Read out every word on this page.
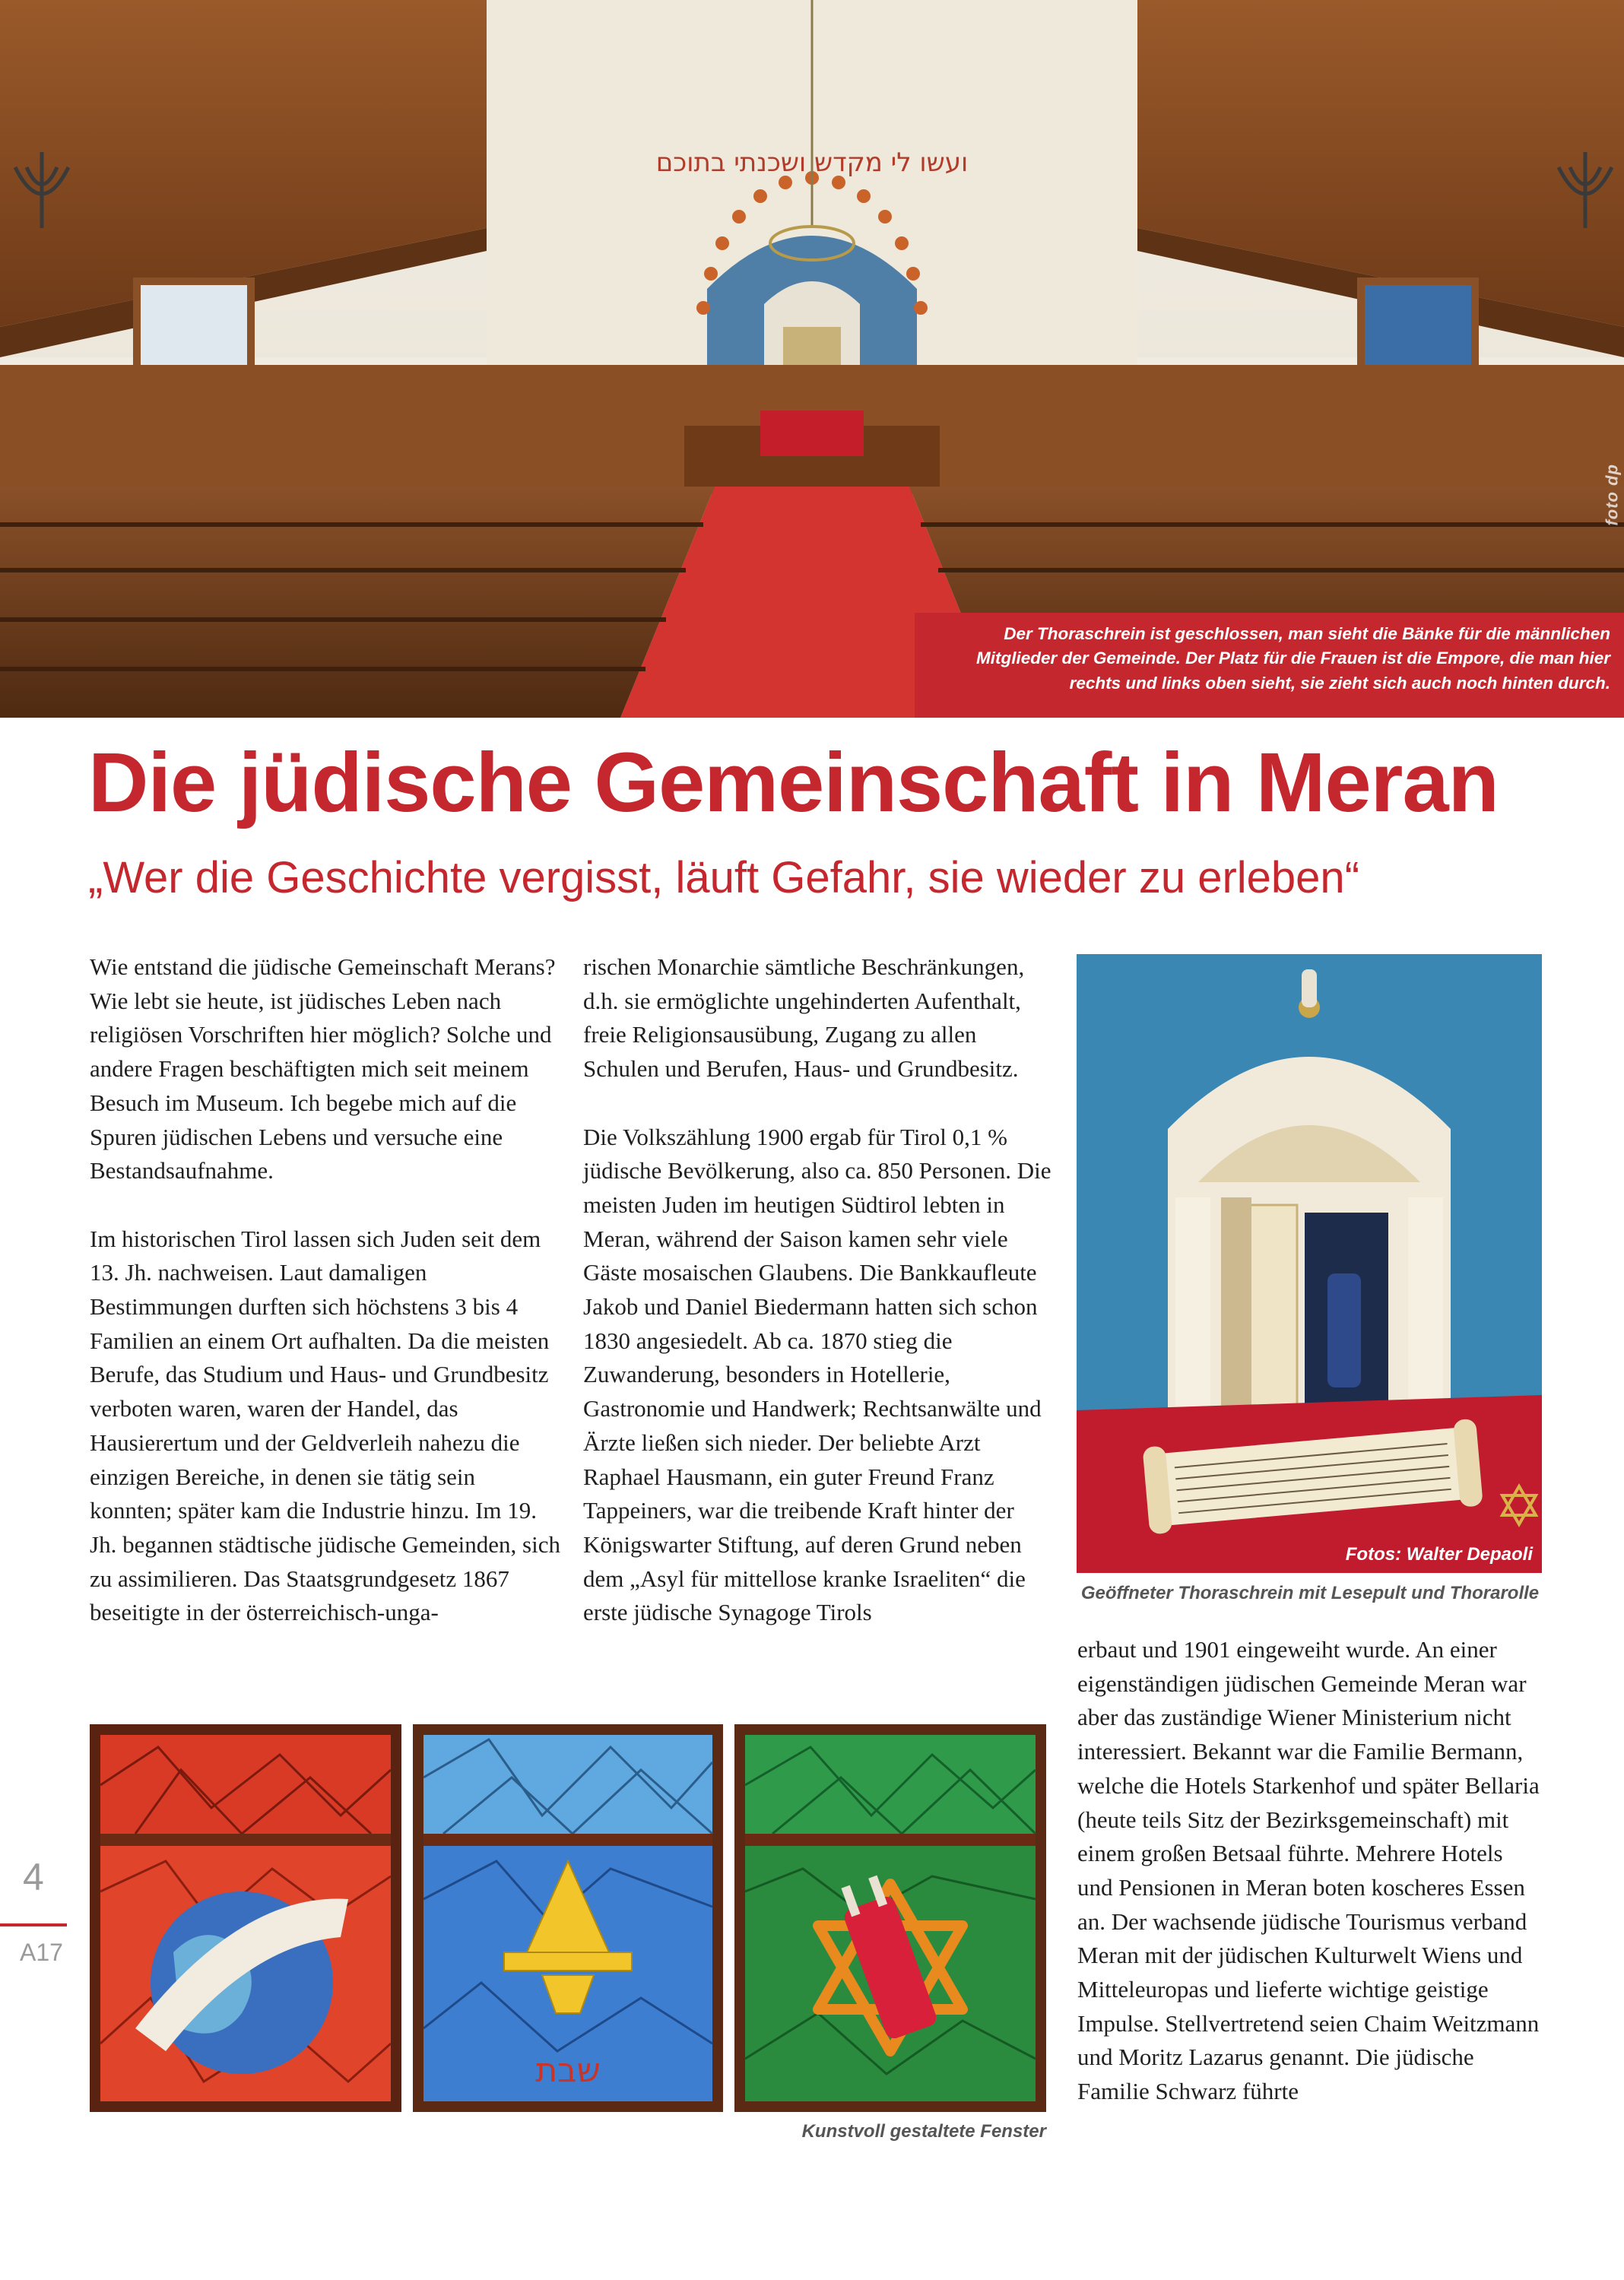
ועשו לי מקדש ושכנתי בתוכם
foto dp
Der Thoraschrein ist geschlossen, man sieht die Bänke für die männlichen Mitglieder der Gemeinde. Der Platz für die Frauen ist die Empore, die man hier rechts und links oben sieht, sie zieht sich auch noch hinten durch.
Die jüdische Gemeinschaft in Meran
„Wer die Geschichte vergisst, läuft Gefahr, sie wieder zu erleben“

Wie entstand die jüdische Gemeinschaft Merans? Wie lebt sie heute, ist jüdisches Leben nach religiösen Vorschriften hier möglich? Solche und andere Fragen beschäftigten mich seit meinem Besuch im Museum. Ich begebe mich auf die Spuren jüdischen Lebens und versuche eine Bestandsaufnahme.

Im historischen Tirol lassen sich Juden seit dem 13. Jh. nachweisen. Laut damaligen Bestimmungen durften sich höchstens 3 bis 4 Familien an einem Ort aufhalten. Da die meisten Berufe, das Studium und Haus- und Grundbesitz verboten waren, waren der Handel, das Hausierertum und der Geldverleih nahezu die einzigen Bereiche, in denen sie tätig sein konnten; später kam die Industrie hinzu. Im 19. Jh. begannen städtische jüdische Gemeinden, sich zu assimilieren. Das Staatsgrundgesetz 1867 beseitigte in der österreichisch-unga-

rischen Monarchie sämtliche Beschränkungen, d.h. sie ermöglichte ungehinderten Aufenthalt, freie Religionsausübung, Zugang zu allen Schulen und Berufen, Haus- und Grundbesitz.

Die Volkszählung 1900 ergab für Tirol 0,1 % jüdische Bevölkerung, also ca. 850 Personen. Die meisten Juden im heutigen Südtirol lebten in Meran, während der Saison kamen sehr viele Gäste mosaischen Glaubens. Die Bankkaufleute Jakob und Daniel Biedermann hatten sich schon 1830 angesiedelt. Ab ca. 1870 stieg die Zuwanderung, besonders in Hotellerie, Gastronomie und Handwerk; Rechtsanwälte und Ärzte ließen sich nieder. Der beliebte Arzt Raphael Hausmann, ein guter Freund Franz Tappeiners, war die treibende Kraft hinter der Königswarter Stiftung, auf deren Grund neben dem „Asyl für mittellose kranke Israeliten“ die erste jüdische Synagoge Tirols

erbaut und 1901 eingeweiht wurde. An einer eigenständigen jüdischen Gemeinde Meran war aber das zuständige Wiener Ministerium nicht interessiert. Bekannt war die Familie Bermann, welche die Hotels Starkenhof und später Bellaria (heute teils Sitz der Bezirksgemeinschaft) mit einem großen Betsaal führte. Mehrere Hotels und Pensionen in Meran boten koscheres Essen an. Der wachsende jüdische Tourismus verband Meran mit der jüdischen Kulturwelt Wiens und Mitteleuropas und lieferte wichtige geistige Impulse. Stellvertretend seien Chaim Weitzmann und Moritz Lazarus genannt. Die jüdische Familie Schwarz führte

Fotos: Walter Depaoli
Geöffneter Thoraschrein mit Lesepult und Thorarolle
שבת
Kunstvoll gestaltete Fenster
4
A17
